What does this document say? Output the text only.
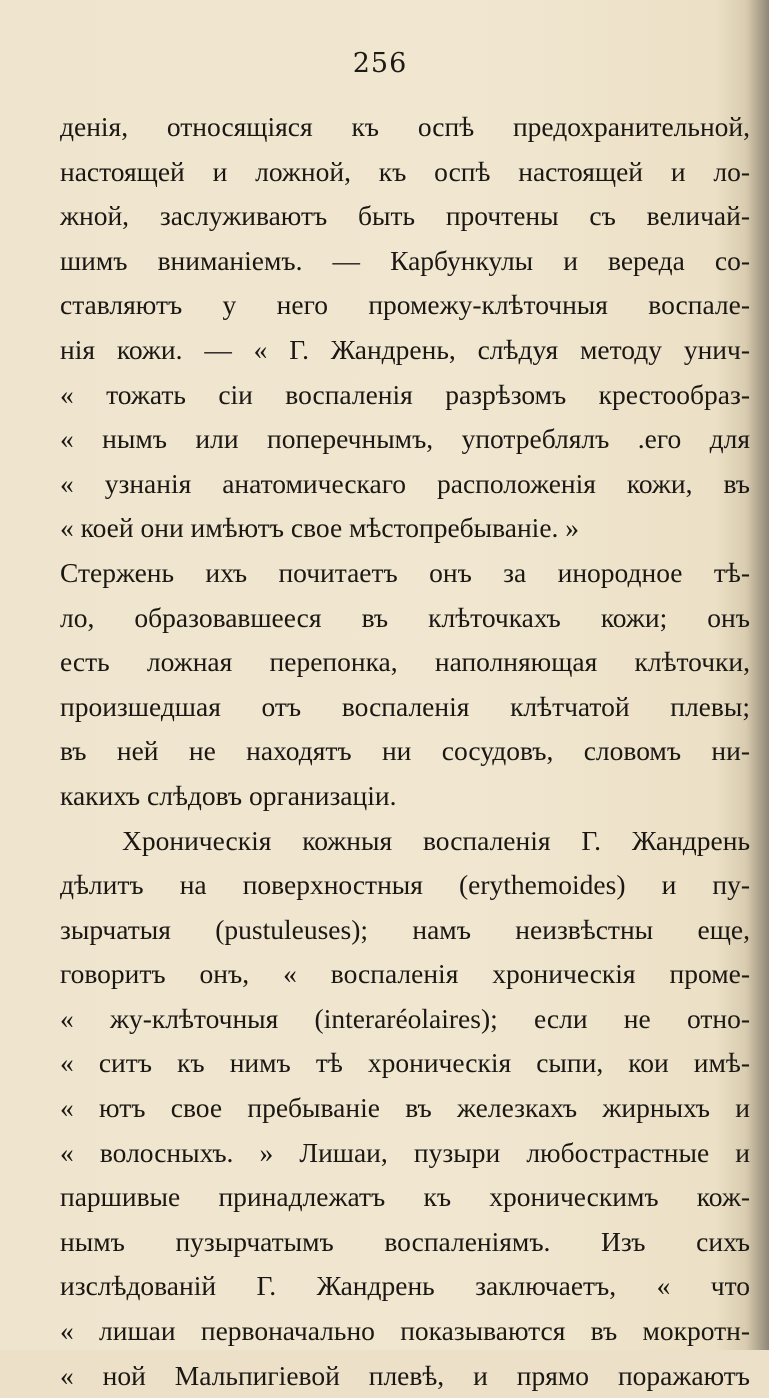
256
денія, относящіяся къ оспѣ предохранительной,
настоящей и ложной, къ оспѣ настоящей и ло-
жной, заслуживаютъ быть прочтены съ величай-
шимъ вниманіемъ. — Карбункулы и вереда со-
ставляютъ у него промежу-клѣточныя воспале-
нія кожи. — « Г. Жандрень, слѣдуя методу унич-
« тожать сіи воспаленія разрѣзомъ крестообраз-
« нымъ или поперечнымъ, употреблялъ .его для
« узнанія анатомическаго расположенія кожи, въ
« коей они имѣютъ свое мѣстопребываніе. »
Стержень ихъ почитаетъ онъ за инородное тѣ-
ло, образовавшееся въ клѣточкахъ кожи; онъ
есть ложная перепонка, наполняющая клѣточки,
произшедшая отъ воспаленія клѣтчатой плевы;
въ ней не находятъ ни сосудовъ, словомъ ни-
какихъ слѣдовъ организаціи.
Хроническія кожныя воспаленія Г. Жандрень
дѣлитъ на поверхностныя (erythemoides) и пу-
зырчатыя (pustuleuses); намъ неизвѣстны еще,
говоритъ онъ, « воспаленія хроническія проме-
« жу-клѣточныя (interaréolaires); если не отно-
« ситъ къ нимъ тѣ хроническія сыпи, кои имѣ-
« ютъ свое пребываніе въ железкахъ жирныхъ и
« волосныхъ. » Лишаи, пузыри любострастные и
паршивые принадлежатъ къ хроническимъ кож-
нымъ пузырчатымъ воспаленіямъ. Изъ сихъ
изслѣдованій Г. Жандрень заключаетъ, « что
« лишаи первоначально показываются въ мокротн-
« ной Мальпигіевой плевѣ, и прямо поражаютъ
